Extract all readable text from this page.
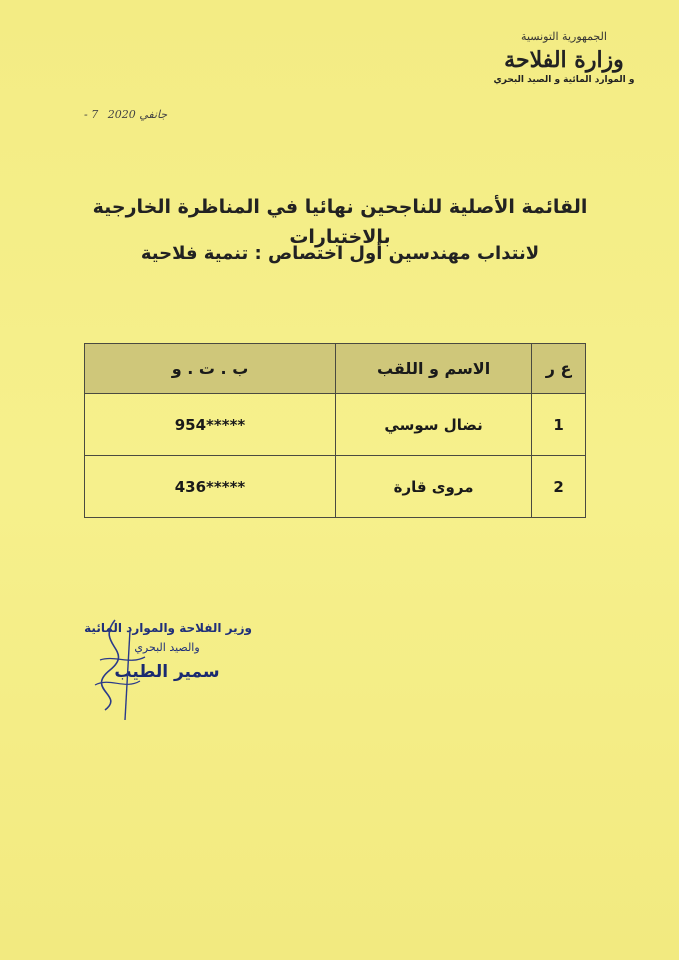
الجمهورية التونسية
وزارة الفلاحة
و الموارد المائية و الصيد البحري
- جانفي 2020 7
القائمة الأصلية للناجحين نهائيا في المناظرة الخارجية بالاختبارات
لانتداب مهندسين أول اختصاص : تنمية فلاحية
ع ر	الاسم و اللقب	ب . ت . و
1	نضال سوسي	954*****
2	مروى قارة	436*****
وزير الفلاحة والموارد المائية
والصيد البحري
سمير الطيب
